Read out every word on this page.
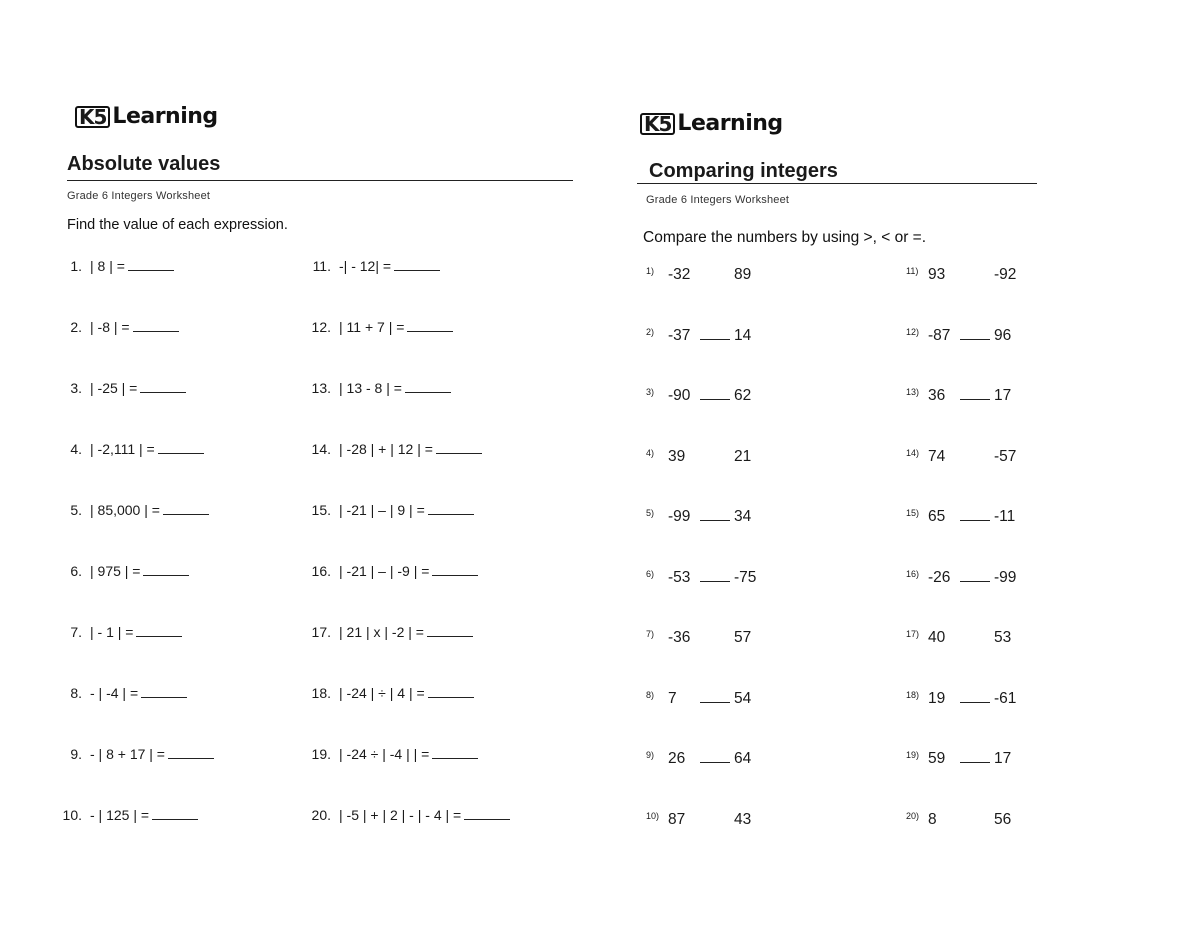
K5 Learning
Absolute values
Grade 6 Integers Worksheet
Find the value of each expression.
1. | 8 | =
2. | -8 | =
3. | -25 | =
4. | -2,111 | =
5. | 85,000 | =
6. | 975 | =
7. | - 1 | =
8. - | -4 | =
9. - | 8 + 17 | =
10. - | 125 | =
11. -| - 12| =
12. | 11 + 7 | =
13. | 13 - 8 | =
14. | -28 | + | 12 | =
15. | -21 | – | 9 | =
16. | -21 | – | -9 | =
17. | 21 | x | -2 | =
18. | -24 | ÷ | 4 | =
19. | -24 ÷ | -4 | | =
20. | -5 | + | 2 | - | - 4 | =
K5 Learning
Comparing integers
Grade 6 Integers Worksheet
Compare the numbers by using >, < or =.
1) -32	89
2) -37	14
3) -90	62
4) 39	21
5) -99	34
6) -53	-75
7) -36	57
8) 7	54
9) 26	64
10) 87	43
11) 93	-92
12) -87	96
13) 36	17
14) 74	-57
15) 65	-11
16) -26	-99
17) 40	53
18) 19	-61
19) 59	17
20) 8	56
